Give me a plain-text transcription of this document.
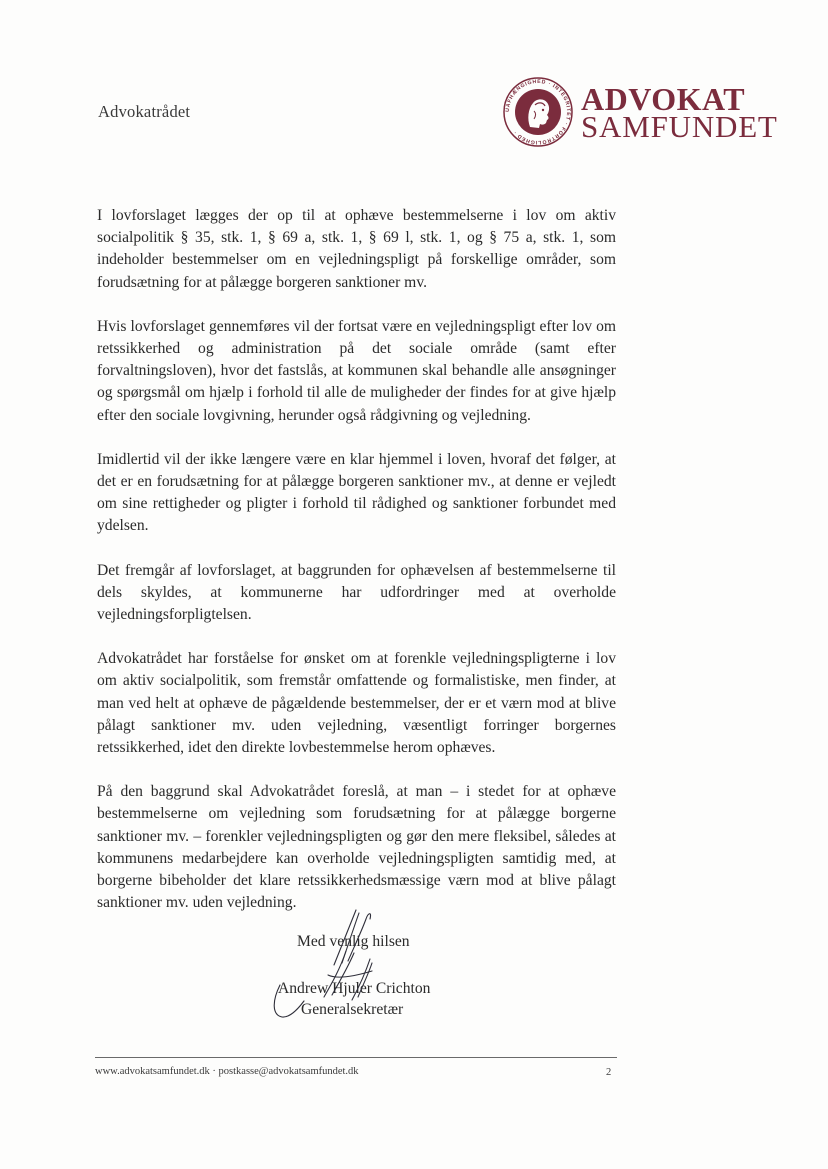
Advokatrådet	UAFHÆNGIGHED · INTEGRITET · FORTROLIGHED ·
ADVOKAT
SAMFUNDET

I lovforslaget lægges der op til at ophæve bestemmelserne i lov om aktiv socialpolitik § 35, stk. 1, § 69 a, stk. 1, § 69 l, stk. 1, og § 75 a, stk. 1, som indeholder bestemmelser om en vejledningspligt på forskellige områder, som forudsætning for at pålægge borgeren sanktioner mv.

Hvis lovforslaget gennemføres vil der fortsat være en vejledningspligt efter lov om retssikkerhed og administration på det sociale område (samt efter forvaltningsloven), hvor det fastslås, at kommunen skal behandle alle ansøgninger og spørgsmål om hjælp i forhold til alle de muligheder der findes for at give hjælp efter den sociale lovgivning, herunder også rådgivning og vejledning.

Imidlertid vil der ikke længere være en klar hjemmel i loven, hvoraf det følger, at det er en forudsætning for at pålægge borgeren sanktioner mv., at denne er vejledt om sine rettigheder og pligter i forhold til rådighed og sanktioner forbundet med ydelsen.

Det fremgår af lovforslaget, at baggrunden for ophævelsen af bestemmelserne til dels skyldes, at kommunerne har udfordringer med at overholde vejledningsforpligtelsen.

Advokatrådet har forståelse for ønsket om at forenkle vejledningspligterne i lov om aktiv socialpolitik, som fremstår omfattende og formalistiske, men finder, at man ved helt at ophæve de pågældende bestemmelser, der er et værn mod at blive pålagt sanktioner mv. uden vejledning, væsentligt forringer borgernes retssikkerhed, idet den direkte lovbestemmelse herom ophæves.

På den baggrund skal Advokatrådet foreslå, at man – i stedet for at ophæve bestemmelserne om vejledning som forudsætning for at pålægge borgerne sanktioner mv. – forenkler vejledningspligten og gør den mere fleksibel, således at kommunens medarbejdere kan overholde vejledningspligten samtidig med, at borgerne bibeholder det klare retssikkerhedsmæssige værn mod at blive pålagt sanktioner mv. uden vejledning.

Med venlig hilsen
Andrew Hjuler Crichton
Generalsekretær
www.advokatsamfundet.dk · postkasse@advokatsamfundet.dk	2
